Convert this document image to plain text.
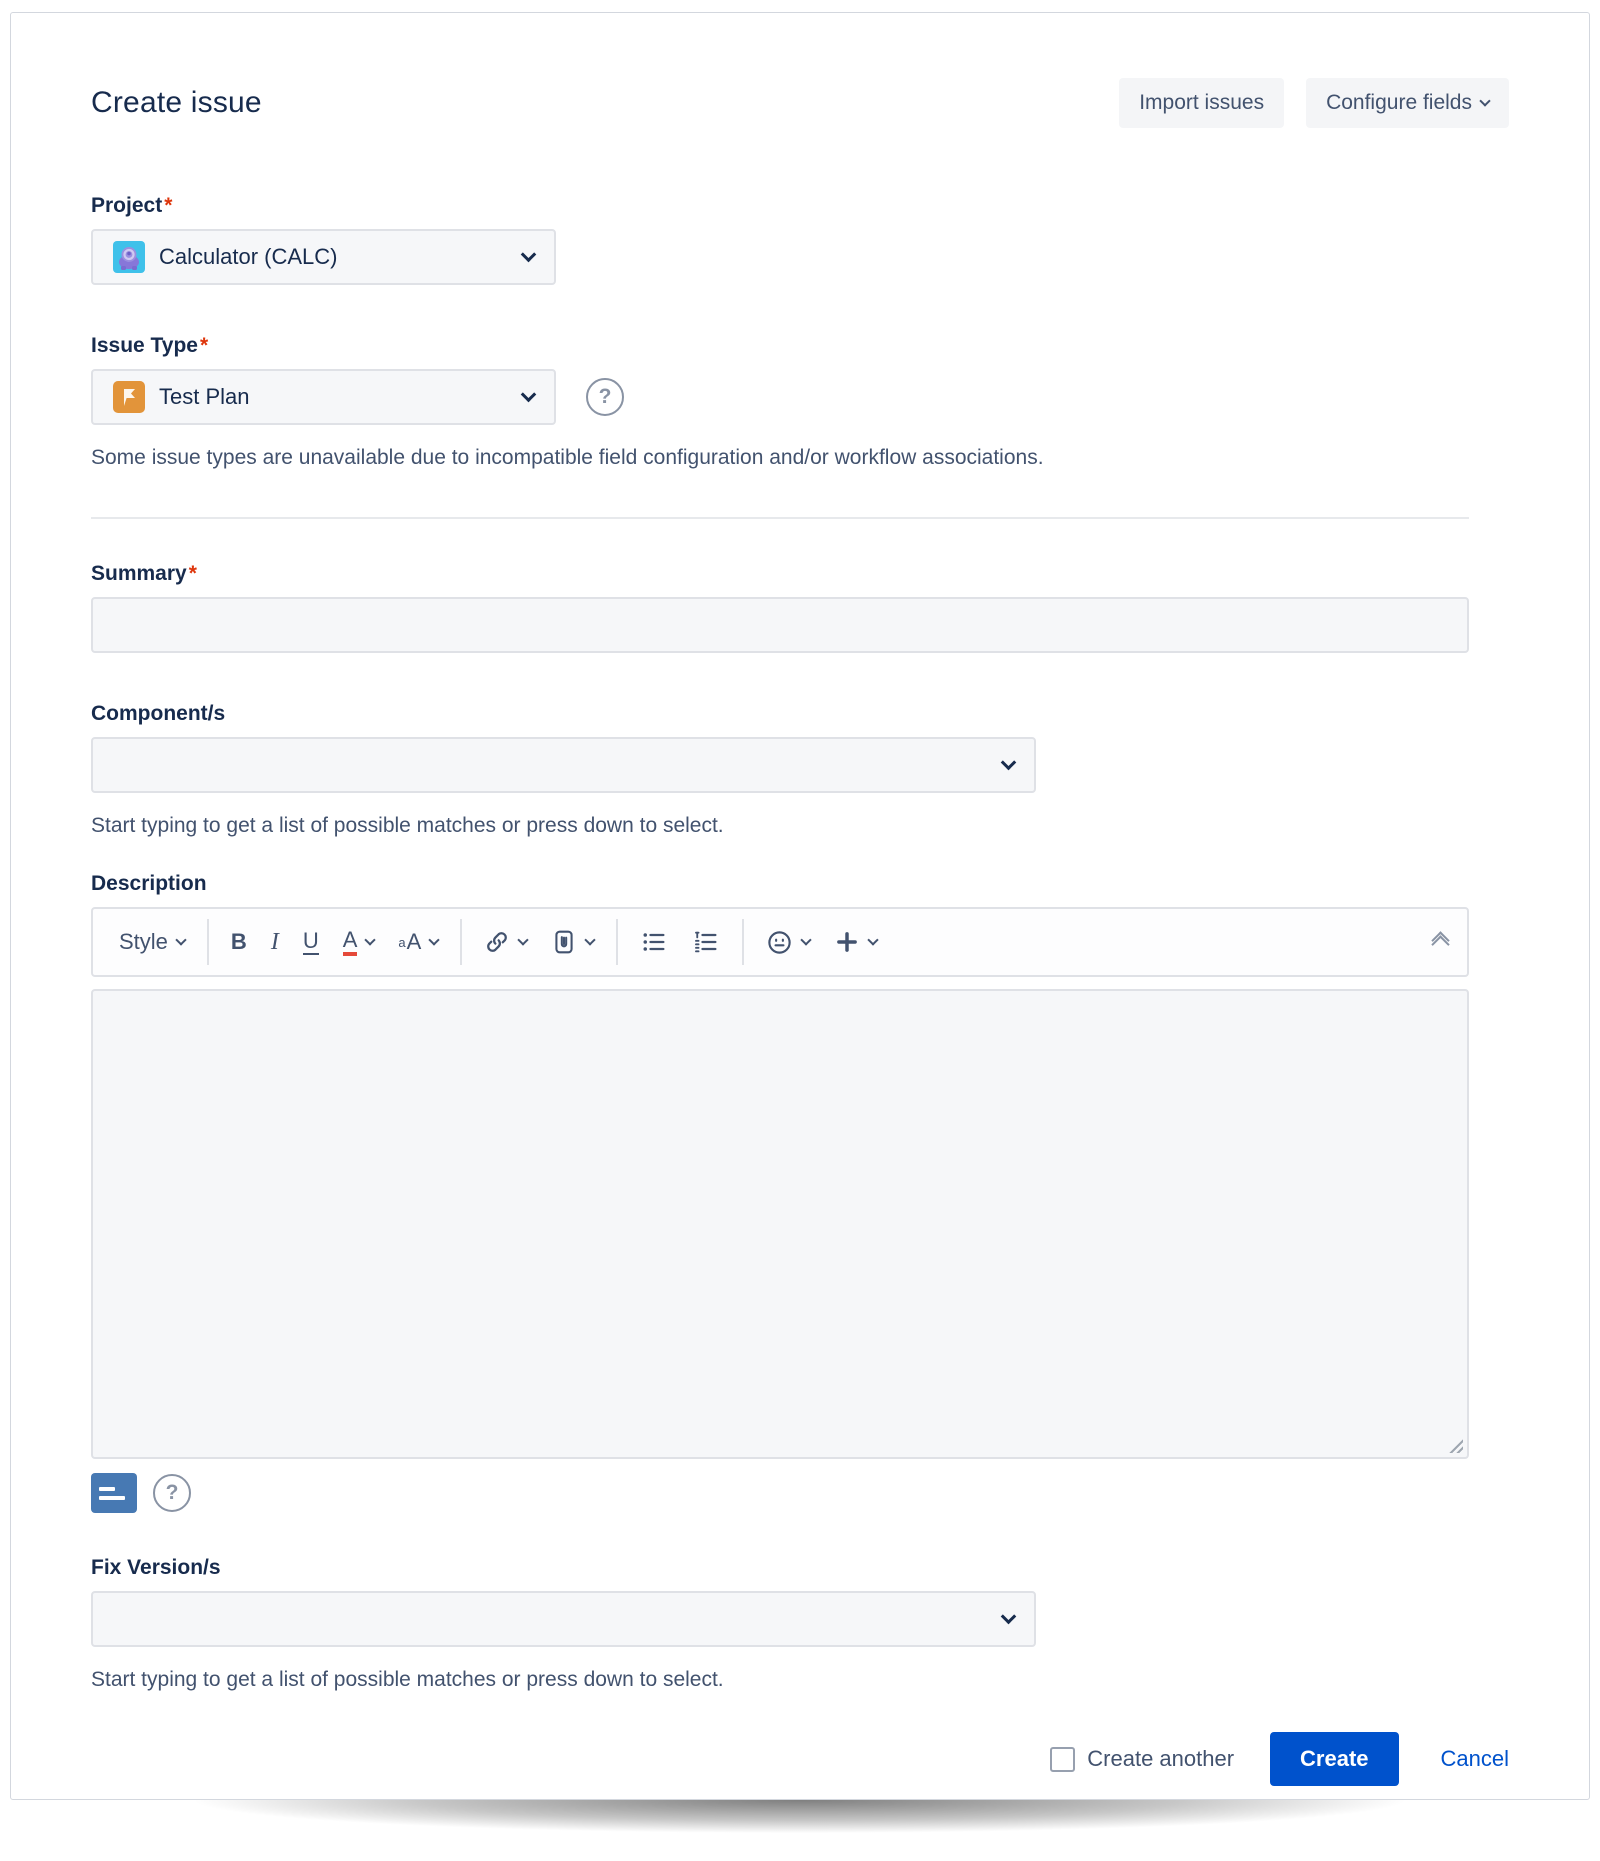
Create issue	Import issues	Configure fields
Project*
Calculator (CALC)
Issue Type*
Test Plan	?
Some issue types are unavailable due to incompatible field configuration and/or workflow associations.
Summary*
Component/s
Start typing to get a list of possible matches or press down to select.
Description
Style	B I U A	a A
?
Fix Version/s
Start typing to get a list of possible matches or press down to select.
Create another	Create	Cancel
